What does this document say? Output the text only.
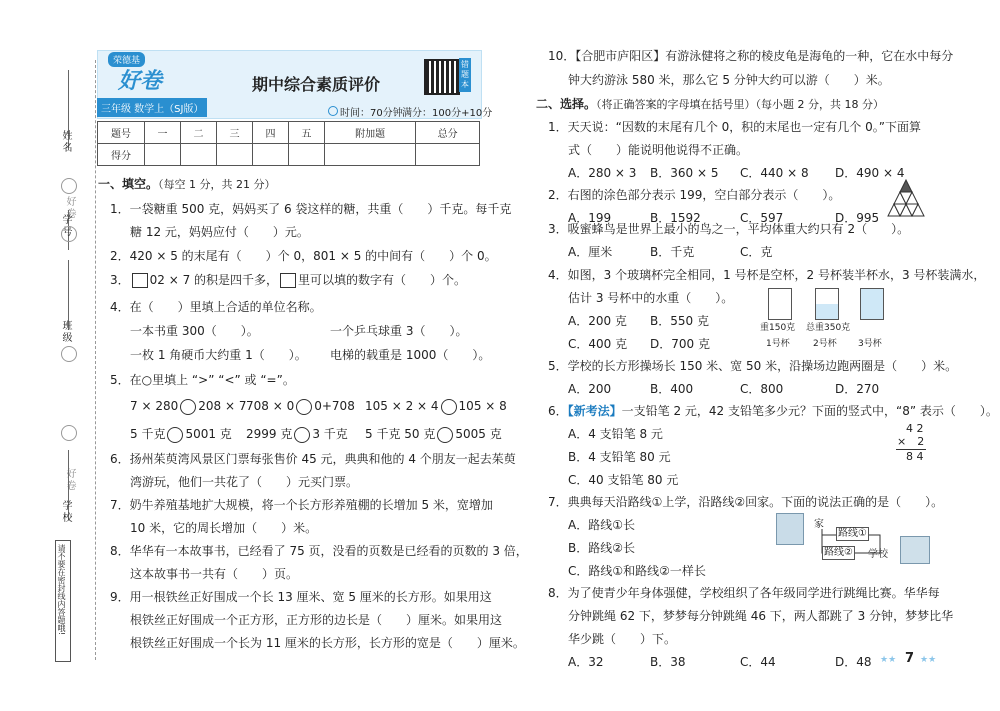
姓名
好卷
学号
班级
好卷
学校
请不要在密封线内答题哦!
荣德基
好卷
三年级 数学上（SJ版）
期中综合素质评价
错题本
时间：70分钟 满分：100分+10分
题号	一	二	三	四	五	附加题	总分
得分							
一、填空。（每空 1 分，共 21 分）
1．一袋糖重 500 克，妈妈买了 6 袋这样的糖，共重（　　）千克。每千克
糖 12 元，妈妈应付（　　）元。
2．420 × 5 的末尾有（　　）个 0，801 × 5 的中间有（　　）个 0。
3． 02 × 7 的积是四千多， 里可以填的数字有（　　）个。
4．在（　　）里填上合适的单位名称。
一本书重 300（　　）。	一个乒乓球重 3（　　）。
一枚 1 角硬币大约重 1（　　）。 电梯的载重是 1000（　　）。
5．在○里填上 “>” “<” 或 “=”。
7 × 280 208 × 7 708 × 0 0+708 105 × 2 × 4 105 × 8
5 千克 5001 克 2999 克 3 千克 5 千克 50 克 5005 克
6．扬州茱萸湾风景区门票每张售价 45 元，典典和他的 4 个朋友一起去茱萸
湾游玩，他们一共花了（　　）元买门票。
7．奶牛养殖基地扩大规模，将一个长方形养殖棚的长增加 5 米，宽增加
10 米，它的周长增加（　　）米。
8．华华有一本故事书，已经看了 75 页，没看的页数是已经看的页数的 3 倍，
这本故事书一共有（　　）页。
9．用一根铁丝正好围成一个长 13 厘米、宽 5 厘米的长方形。如果用这
根铁丝正好围成一个正方形，正方形的边长是（　　）厘米。如果用这
根铁丝正好围成一个长为 11 厘米的长方形，长方形的宽是（　　）厘米。
10．【合肥市庐阳区】有游泳健将之称的棱皮龟是海龟的一种，它在水中每分
钟大约游泳 580 米，那么它 5 分钟大约可以游（　　）米。
二、选择。（将正确答案的字母填在括号里）（每小题 2 分，共 18 分）
1．天天说：“因数的末尾有几个 0，积的末尾也一定有几个 0。”下面算
式（　　）能说明他说得不正确。
A．280 × 3 B．360 × 5 C．440 × 8 D．490 × 4
2．右图的涂色部分表示 199，空白部分表示（　　）。
A．199	B．1592	C．597	D．995
3．吸蜜蜂鸟是世界上最小的鸟之一，平均体重大约只有 2（　　）。
A．厘米	B．千克	C．克
4．如图，3 个玻璃杯完全相同，1 号杯是空杯，2 号杯装半杯水，3 号杯装满水，
估计 3 号杯中的水重（　　）。
A．200 克 B．550 克
C．400 克 D．700 克
重150克 总重350克
1号杯	2号杯 3号杯
5．学校的长方形操场长 150 米、宽 50 米，沿操场边跑两圈是（　　）米。
A．200	B．400	C．800	D．270
6．【新考法】一支铅笔 2 元，42 支铅笔多少元？下面的竖式中，“8” 表示（　　）。
A．4 支铅笔 8 元
B．4 支铅笔 80 元
C．40 支铅笔 80 元
4 2
×　2
8 4
7．典典每天沿路线①上学，沿路线②回家。下面的说法正确的是（　　）。
A．路线①长
B．路线②长
C．路线①和路线②一样长
家
路线①
路线② 学校
8．为了使青少年身体强健，学校组织了各年级同学进行跳绳比赛。华华每
分钟跳绳 62 下，梦梦每分钟跳绳 46 下，两人都跳了 3 分钟，梦梦比华
华少跳（　　）下。
A．32	B．38	C．44	D．48 ★★ 7 ★★
